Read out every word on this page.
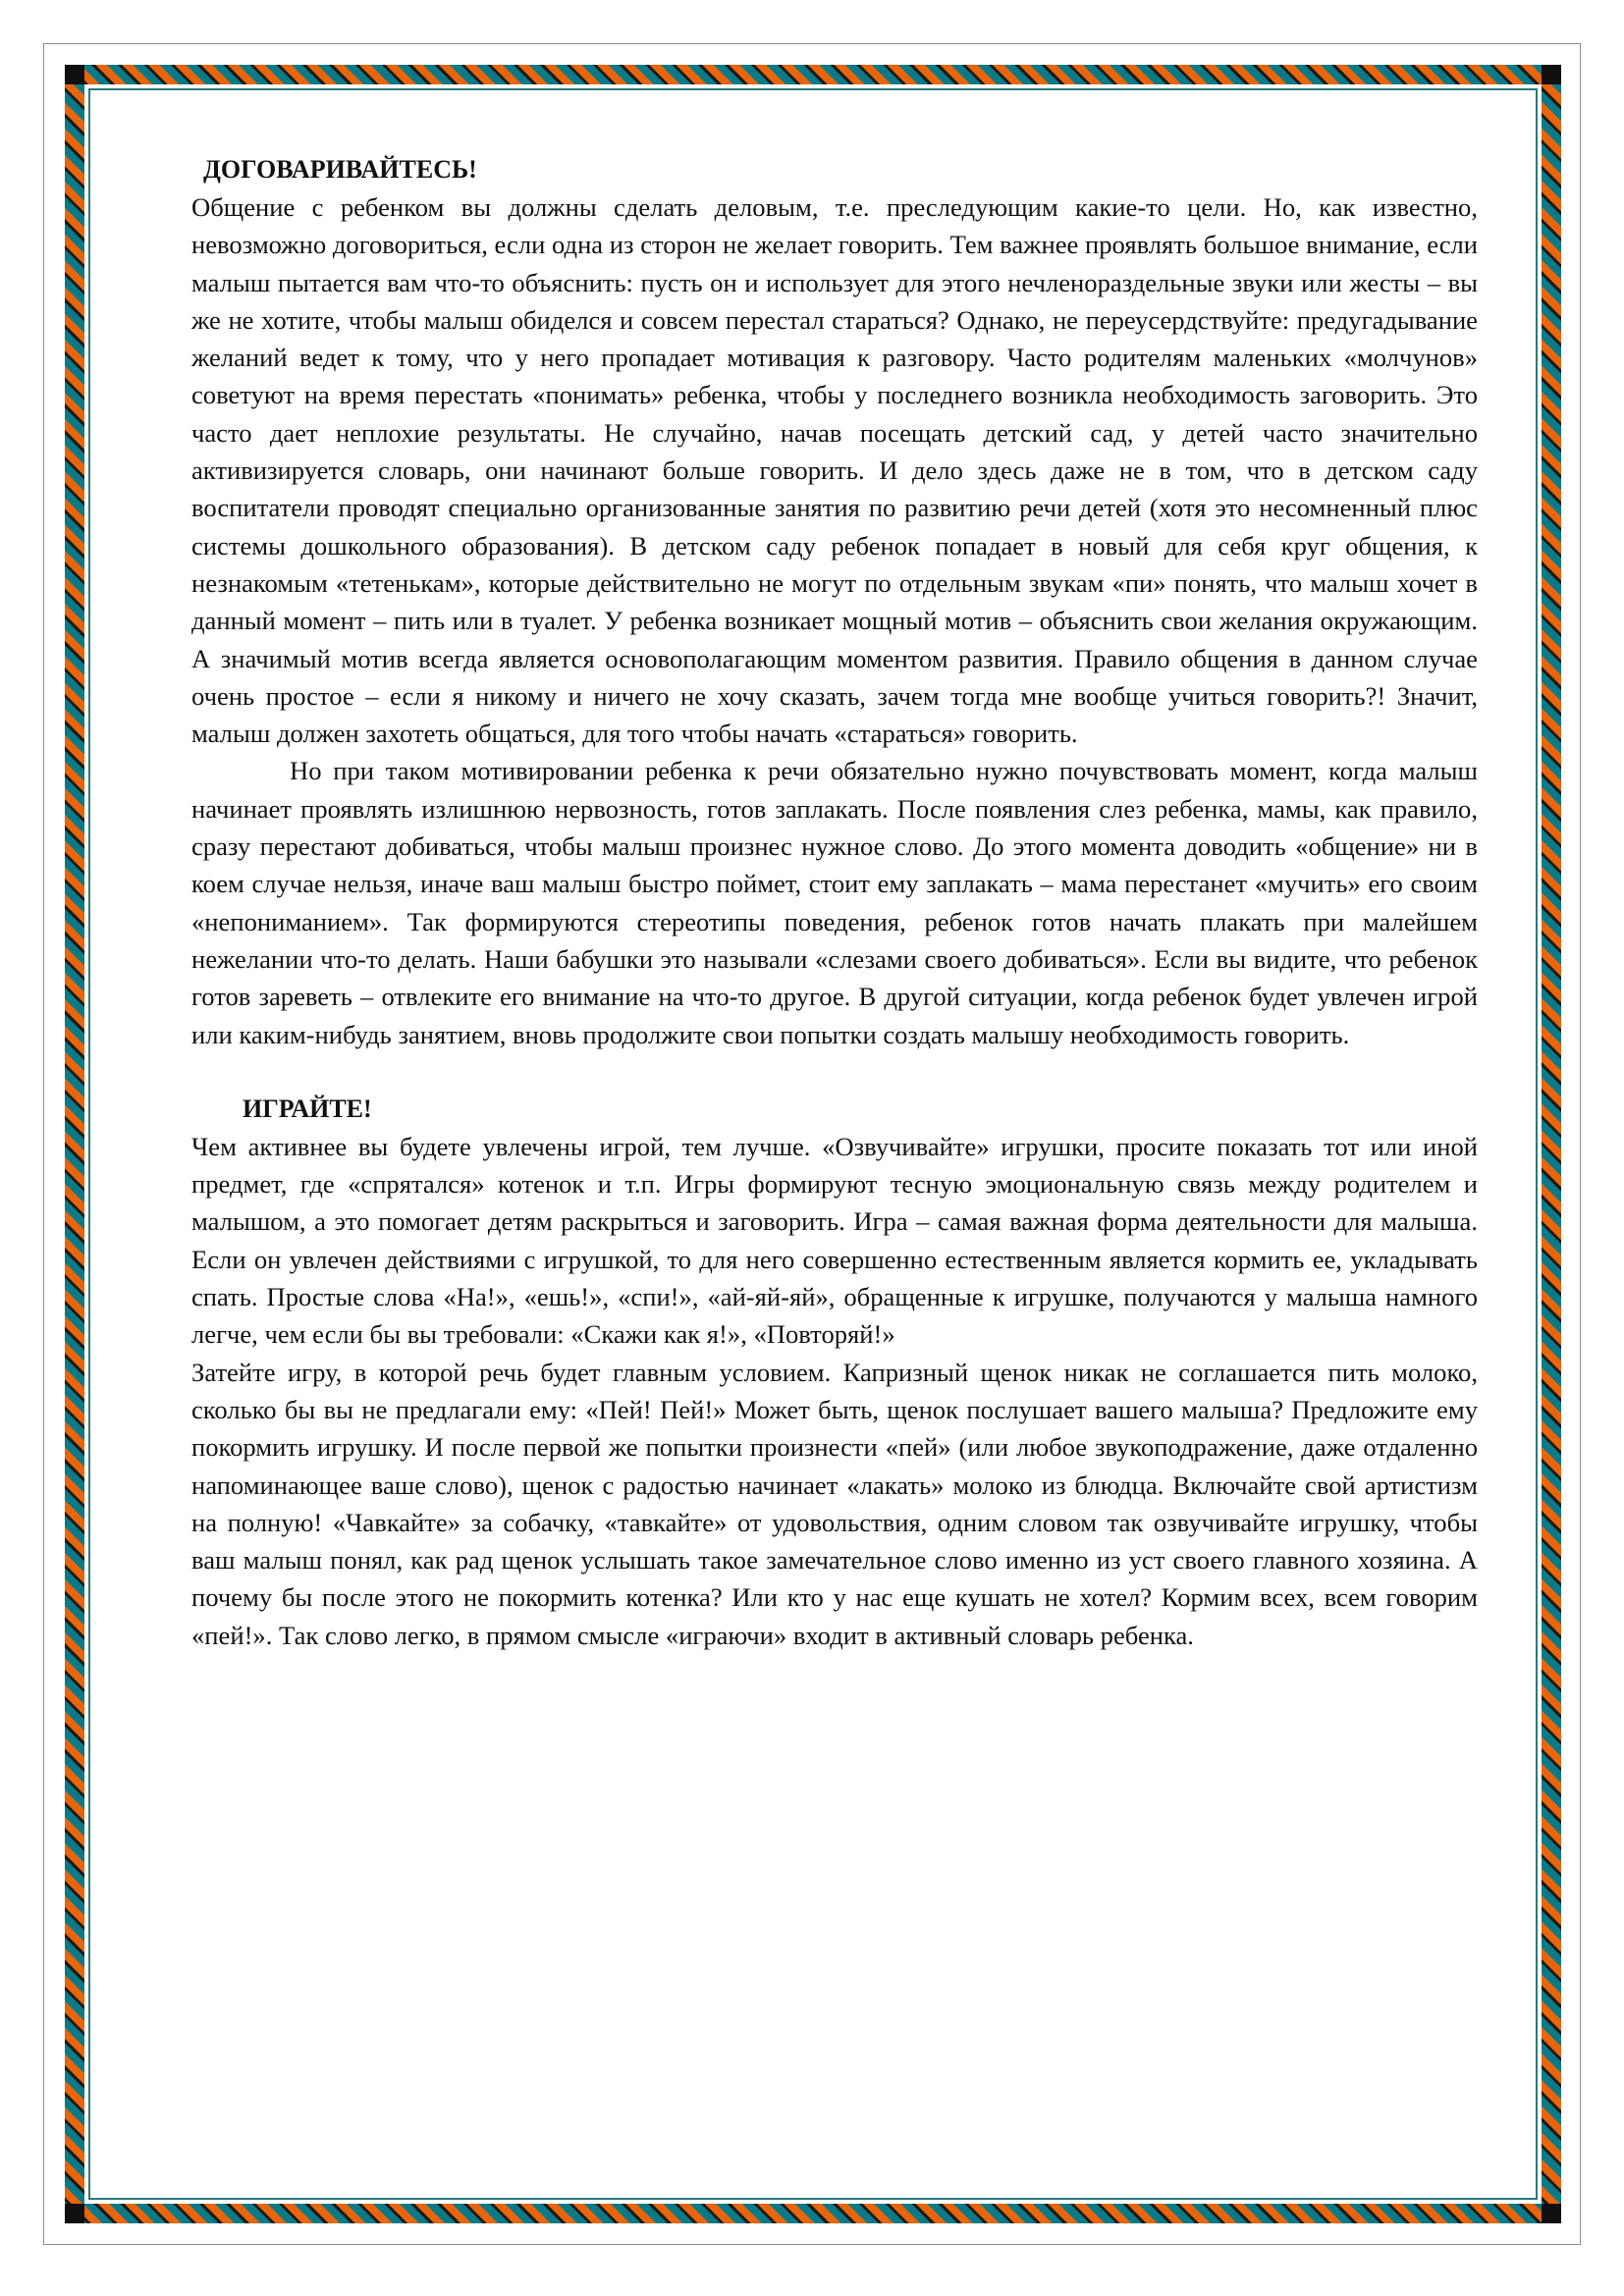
ДОГОВАРИВАЙТЕСЬ!

Общение с ребенком вы должны сделать деловым, т.е. преследующим какие-то цели. Но, как известно, невозможно договориться, если одна из сторон не желает говорить. Тем важнее проявлять большое внимание, если малыш пытается вам что-то объяснить: пусть он и использует для этого нечленораздельные звуки или жесты – вы же не хотите, чтобы малыш обиделся и совсем перестал стараться? Однако, не переусердствуйте: предугадывание желаний ведет к тому, что у него пропадает мотивация к разговору. Часто родителям маленьких «молчунов» советуют на время перестать «понимать» ребенка, чтобы у последнего возникла необходимость заговорить. Это часто дает неплохие результаты. Не случайно, начав посещать детский сад, у детей часто значительно активизируется словарь, они начинают больше говорить. И дело здесь даже не в том, что в детском саду воспитатели проводят специально организованные занятия по развитию речи детей (хотя это несомненный плюс системы дошкольного образования). В детском саду ребенок попадает в новый для себя круг общения, к незнакомым «тетенькам», которые действительно не могут по отдельным звукам «пи» понять, что малыш хочет в данный момент – пить или в туалет. У ребенка возникает мощный мотив – объяснить свои желания окружающим. А значимый мотив всегда является основополагающим моментом развития. Правило общения в данном случае очень простое – если я никому и ничего не хочу сказать, зачем тогда мне вообще учиться говорить?! Значит, малыш должен захотеть общаться, для того чтобы начать «стараться» говорить.

Но при таком мотивировании ребенка к речи обязательно нужно почувствовать момент, когда малыш начинает проявлять излишнюю нервозность, готов заплакать. После появления слез ребенка, мамы, как правило, сразу перестают добиваться, чтобы малыш произнес нужное слово. До этого момента доводить «общение» ни в коем случае нельзя, иначе ваш малыш быстро поймет, стоит ему заплакать – мама перестанет «мучить» его своим «непониманием». Так формируются стереотипы поведения, ребенок готов начать плакать при малейшем нежелании что-то делать. Наши бабушки это называли «слезами своего добиваться». Если вы видите, что ребенок готов зареветь – отвлеките его внимание на что-то другое. В другой ситуации, когда ребенок будет увлечен игрой или каким-нибудь занятием, вновь продолжите свои попытки создать малышу необходимость говорить.

ИГРАЙТЕ!

Чем активнее вы будете увлечены игрой, тем лучше. «Озвучивайте» игрушки, просите показать тот или иной предмет, где «спрятался» котенок и т.п. Игры формируют тесную эмоциональную связь между родителем и малышом, а это помогает детям раскрыться и заговорить. Игра – самая важная форма деятельности для малыша. Если он увлечен действиями с игрушкой, то для него совершенно естественным является кормить ее, укладывать спать. Простые слова «На!», «ешь!», «спи!», «ай-яй-яй», обращенные к игрушке, получаются у малыша намного легче, чем если бы вы требовали: «Скажи как я!», «Повторяй!»

Затейте игру, в которой речь будет главным условием. Капризный щенок никак не соглашается пить молоко, сколько бы вы не предлагали ему: «Пей! Пей!» Может быть, щенок послушает вашего малыша? Предложите ему покормить игрушку. И после первой же попытки произнести «пей» (или любое звукоподражение, даже отдаленно напоминающее ваше слово), щенок с радостью начинает «лакать» молоко из блюдца. Включайте свой артистизм на полную! «Чавкайте» за собачку, «тавкайте» от удовольствия, одним словом так озвучивайте игрушку, чтобы ваш малыш понял, как рад щенок услышать такое замечательное слово именно из уст своего главного хозяина. А почему бы после этого не покормить котенка? Или кто у нас еще кушать не хотел? Кормим всех, всем говорим «пей!». Так слово легко, в прямом смысле «играючи» входит в активный словарь ребенка.
